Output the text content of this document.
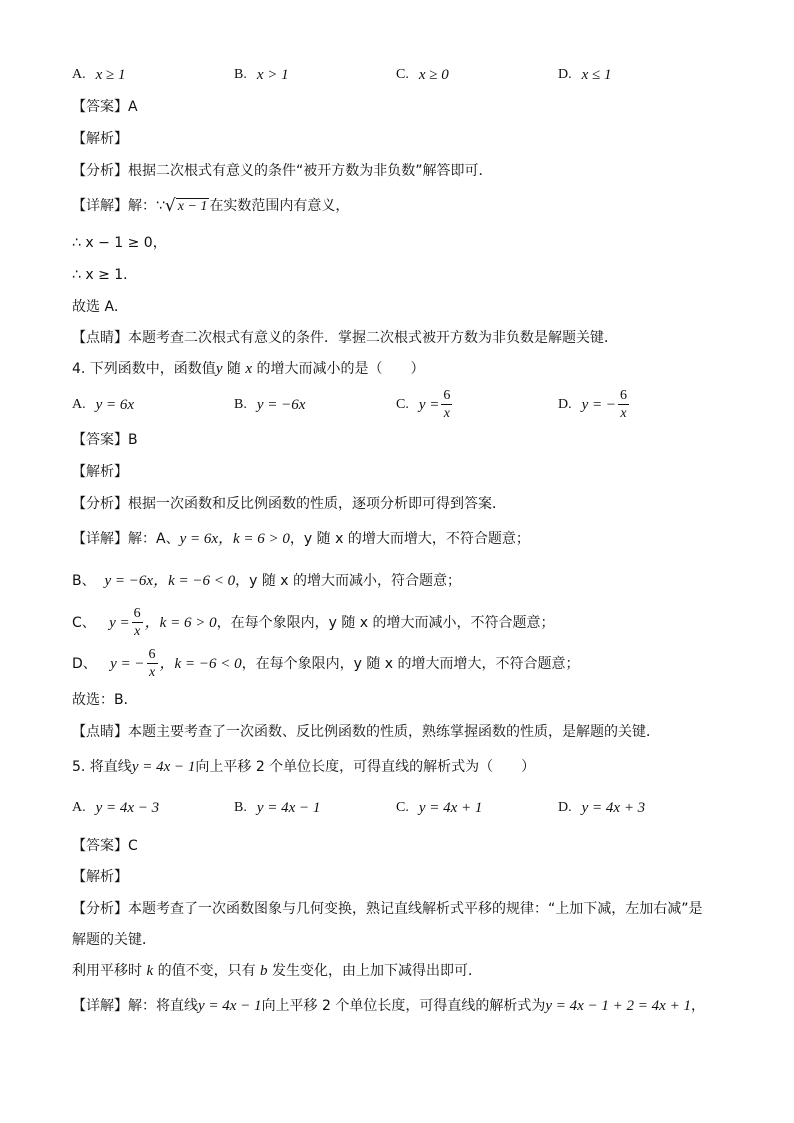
A. x ≥ 1	B. x > 1	C. x ≥ 0	D. x ≤ 1
【答案】A
【解析】
【分析】根据二次根式有意义的条件“被开方数为非负数”解答即可．
【详解】解：∵ √ x − 1 在实数范围内有意义，
∴ x − 1 ≥ 0，
∴ x ≥ 1．
故选 A．
【点睛】本题考查二次根式有意义的条件．掌握二次根式被开方数为非负数是解题关键．
4. 下列函数中，函数值y 随 x 的增大而减小的是（　　）
A. y = 6x	B. y = −6x	C. $y = \frac{6}{x}$	D. y = − $\frac{6}{x}$
【答案】B
【解析】
【分析】根据一次函数和反比例函数的性质，逐项分析即可得到答案．
【详解】解：A、y = 6x，k = 6 > 0，y 随 x 的增大而增大，不符合题意；
B、 y = −6x，k = −6 < 0，y 随 x 的增大而减小，符合题意；
C、 $y = \frac{6}{x}$ ，k = 6 > 0，在每个象限内，y 随 x 的增大而减小，不符合题意；
D、 y = − $\frac{6}{x}$ ，k = −6 < 0，在每个象限内，y 随 x 的增大而增大，不符合题意；
故选：B．
【点睛】本题主要考查了一次函数、反比例函数的性质，熟练掌握函数的性质，是解题的关键．
5. 将直线y = 4x − 1向上平移 2 个单位长度，可得直线的解析式为（　　）
A. y = 4x − 3	B. y = 4x − 1	C. y = 4x + 1	D. y = 4x + 3
【答案】C
【解析】
【分析】本题考查了一次函数图象与几何变换，熟记直线解析式平移的规律：“上加下减，左加右减”是
解题的关键．
利用平移时 k 的值不变，只有 b 发生变化，由上加下减得出即可．
【详解】解：将直线y = 4x − 1向上平移 2 个单位长度，可得直线的解析式为y = 4x − 1 + 2 = 4x + 1，
